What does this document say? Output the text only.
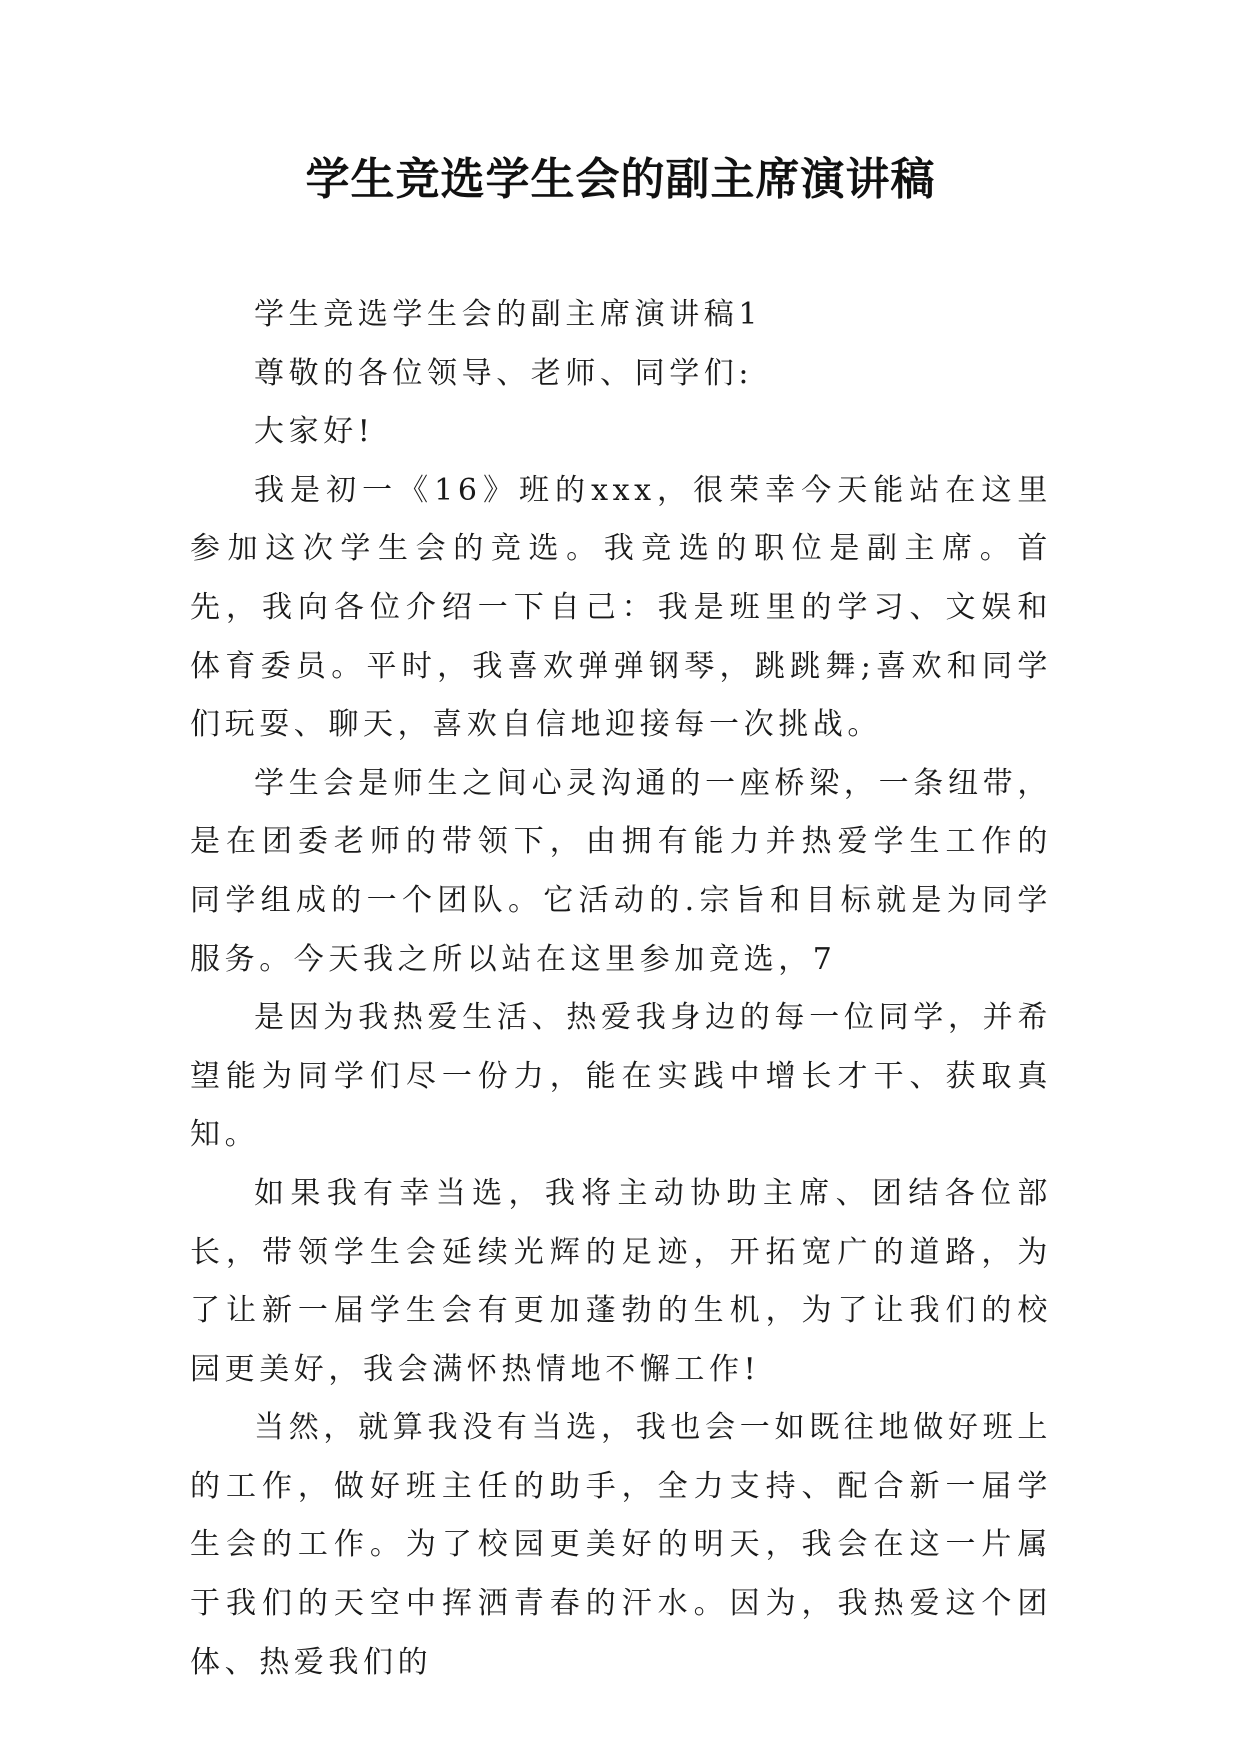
学生竞选学生会的副主席演讲稿

学生竞选学生会的副主席演讲稿1

尊敬的各位领导、老师、同学们:

大家好!

我是初一《16》班的xxx，很荣幸今天能站在这里参加这次学生会的竞选。我竞选的职位是副主席。首先，我向各位介绍一下自己：我是班里的学习、文娱和体育委员。平时，我喜欢弹弹钢琴，跳跳舞;喜欢和同学们玩耍、聊天，喜欢自信地迎接每一次挑战。

学生会是师生之间心灵沟通的一座桥梁，一条纽带，是在团委老师的带领下，由拥有能力并热爱学生工作的同学组成的一个团队。它活动的.宗旨和目标就是为同学服务。今天我之所以站在这里参加竞选，7

是因为我热爱生活、热爱我身边的每一位同学，并希望能为同学们尽一份力，能在实践中增长才干、获取真知。

如果我有幸当选，我将主动协助主席、团结各位部长，带领学生会延续光辉的足迹，开拓宽广的道路，为了让新一届学生会有更加蓬勃的生机，为了让我们的校园更美好，我会满怀热情地不懈工作!

当然，就算我没有当选，我也会一如既往地做好班上的工作，做好班主任的助手，全力支持、配合新一届学生会的工作。为了校园更美好的明天，我会在这一片属于我们的天空中挥洒青春的汗水。因为，我热爱这个团体、热爱我们的
